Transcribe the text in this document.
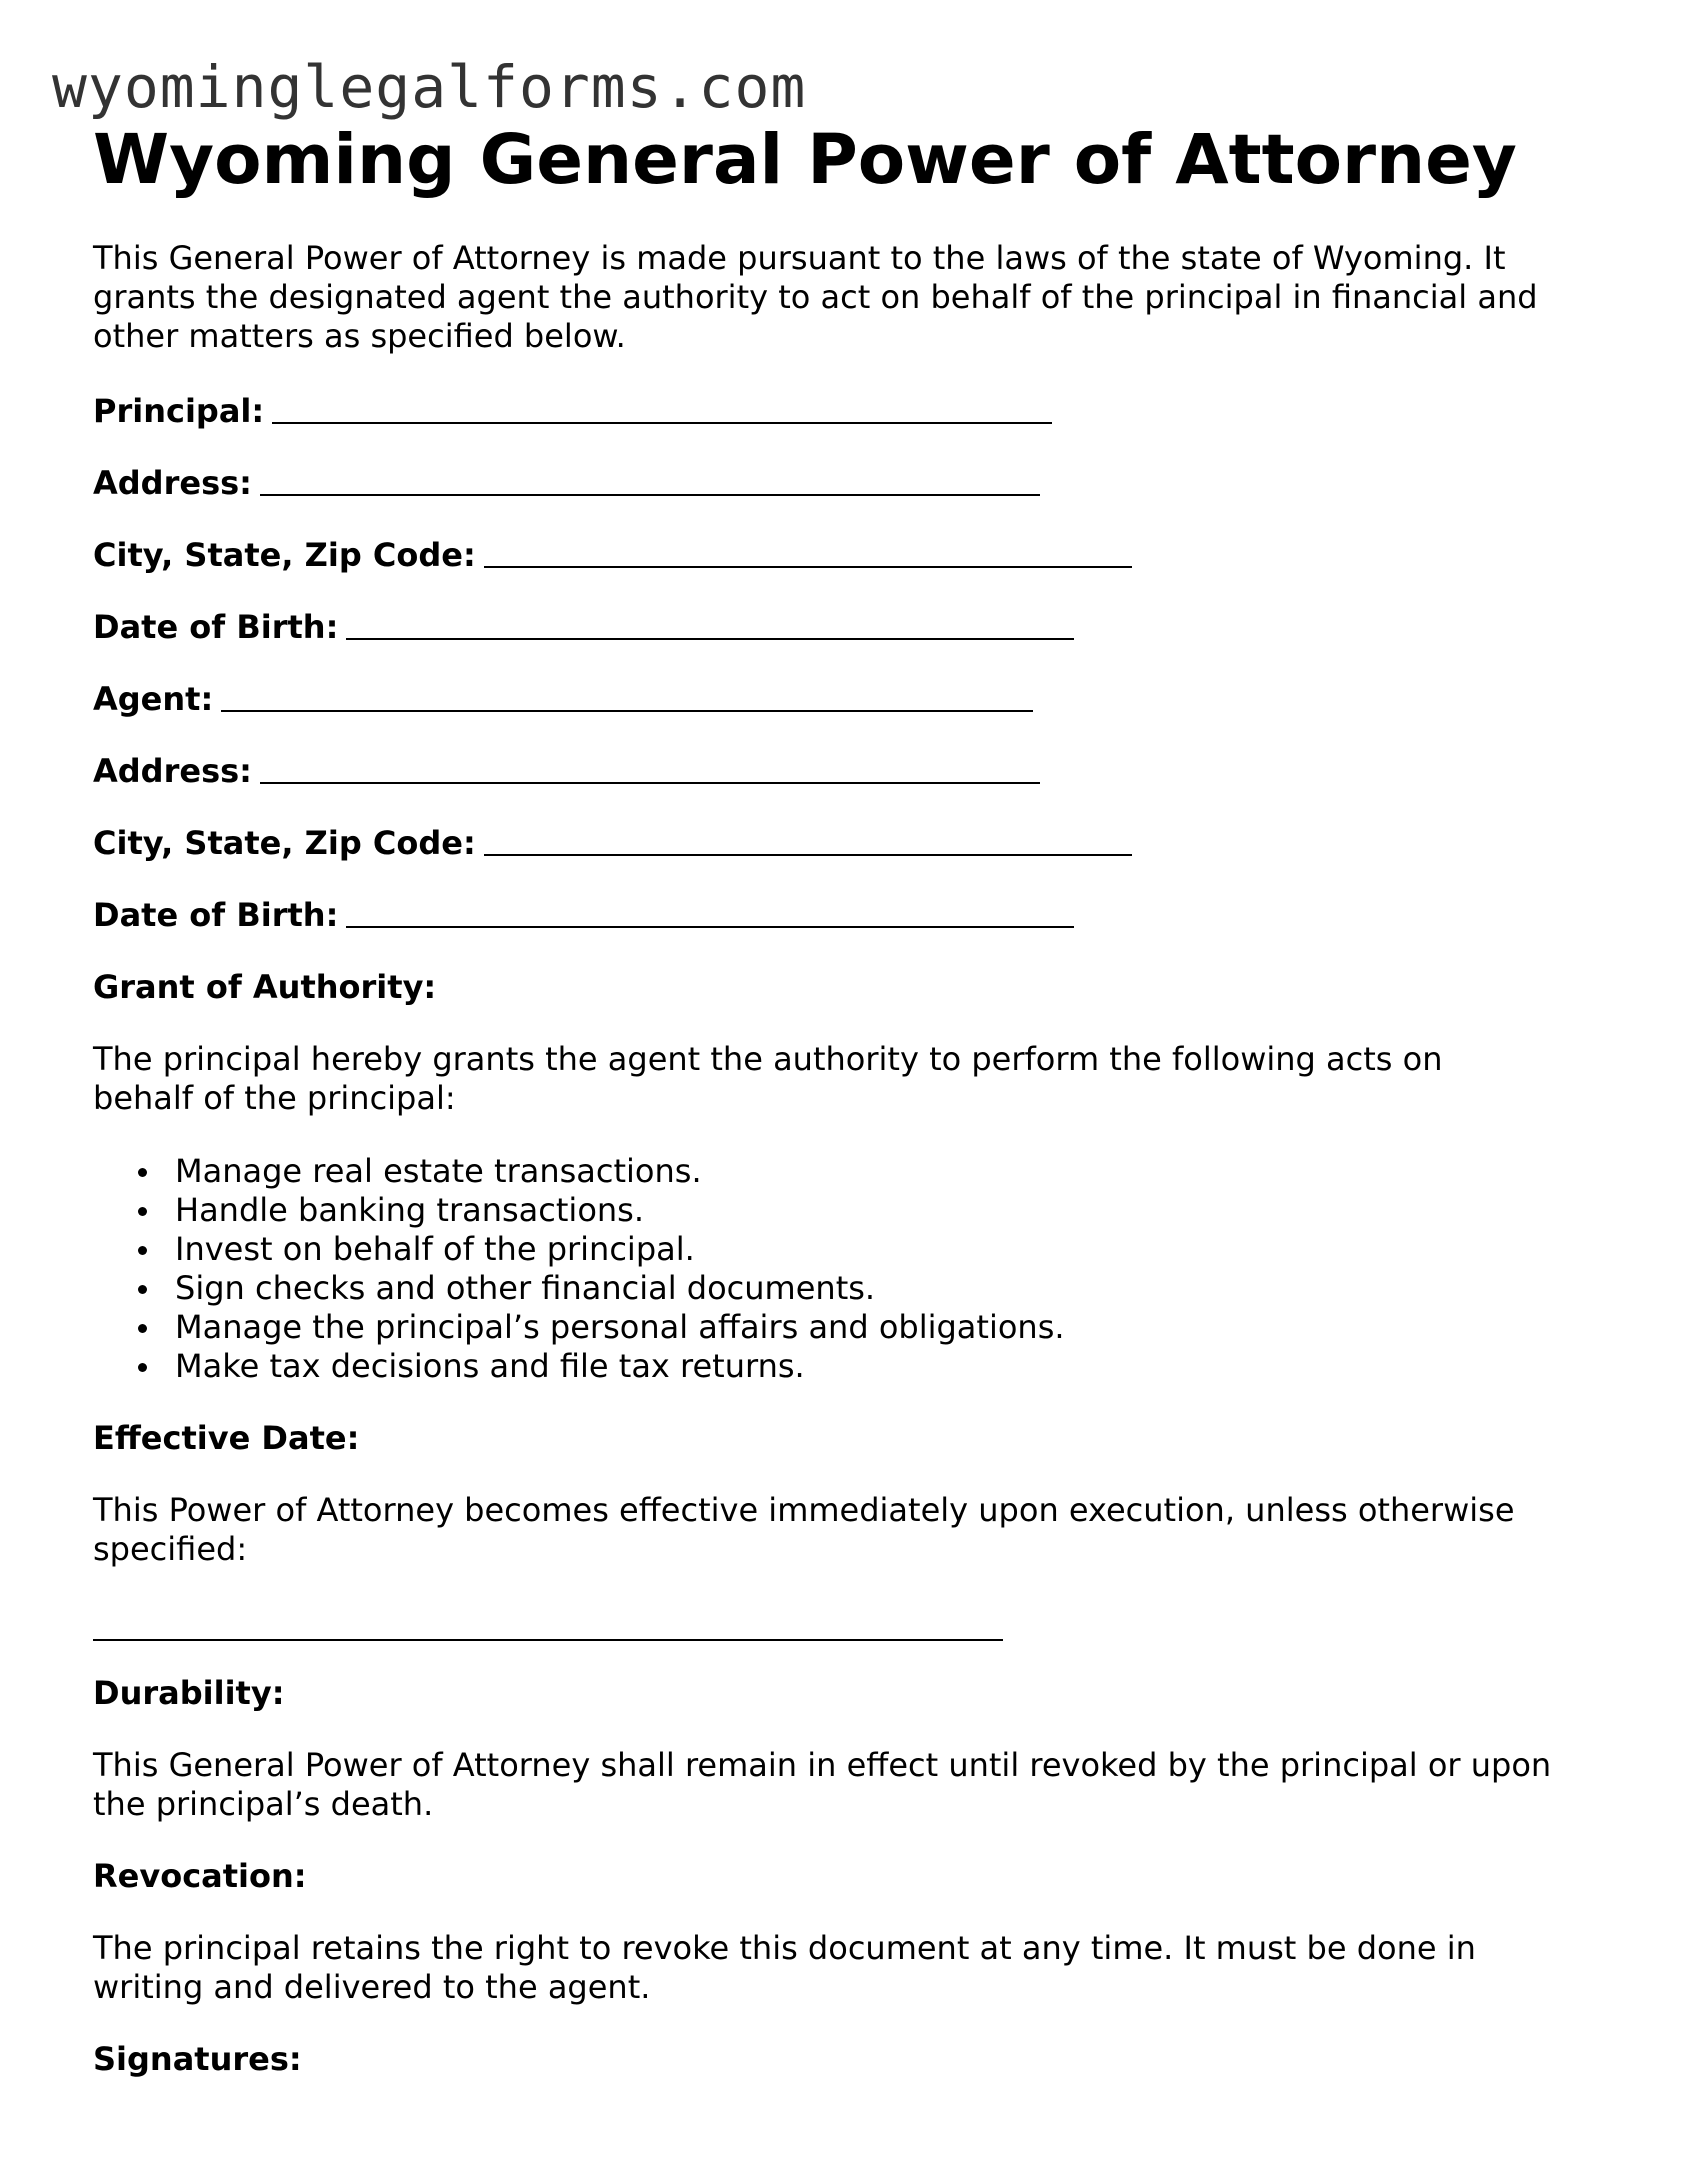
wyominglegalforms.com
Wyoming General Power of Attorney

This General Power of Attorney is made pursuant to the laws of the state of Wyoming. It grants the designated agent the authority to act on behalf of the principal in financial and other matters as specified below.

Principal:
Address:
City, State, Zip Code:
Date of Birth:
Agent:
Address:
City, State, Zip Code:
Date of Birth:
Grant of Authority:

The principal hereby grants the agent the authority to perform the following acts on behalf of the principal:

Manage real estate transactions.
Handle banking transactions.
Invest on behalf of the principal.
Sign checks and other financial documents.
Manage the principal’s personal affairs and obligations.
Make tax decisions and file tax returns.
Effective Date:

This Power of Attorney becomes effective immediately upon execution, unless otherwise specified:

Durability:

This General Power of Attorney shall remain in effect until revoked by the principal or upon the principal’s death.

Revocation:

The principal retains the right to revoke this document at any time. It must be done in writing and delivered to the agent.

Signatures:
